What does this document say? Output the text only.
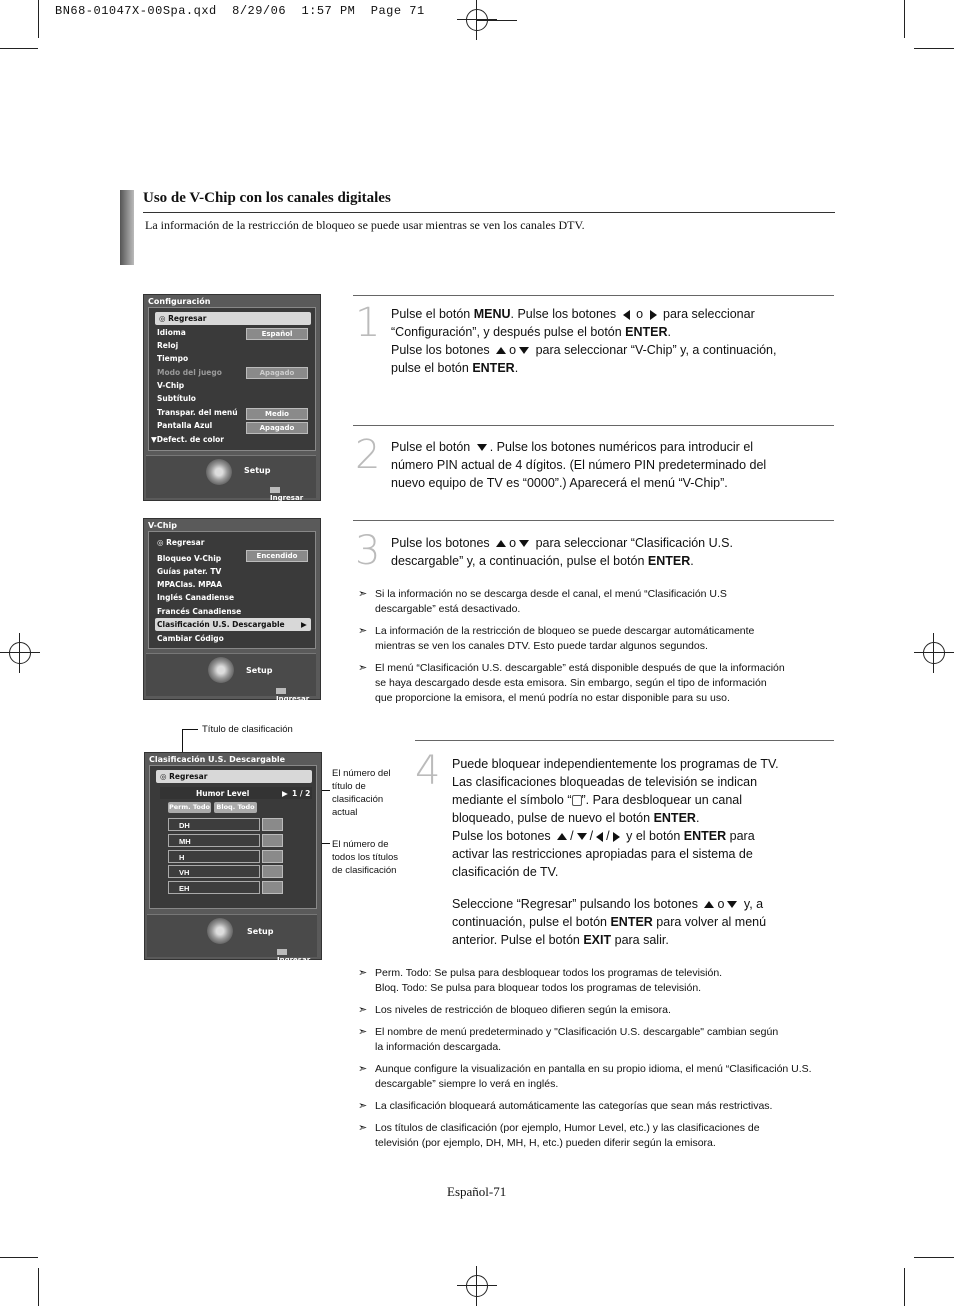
BN68-01047X-00Spa.qxd  8/29/06  1:57 PM  Page 71
Uso de V-Chip con los canales digitales
La información de la restricción de bloqueo se puede usar mientras se ven los canales DTV.
Configuración
◎ Regresar
Idioma
Reloj
Tiempo
Modo del juego
V-Chip
Subtítulo
Transpar. del menú
Pantalla Azul
▼Defect. de color
Español
Apagado
Medio
Apagado
Setup
Ingresar
V-Chip
◎ Regresar
Bloqueo V-Chip
Guías pater. TV
MPAClas. MPAA
Inglés Canadiense
Francés Canadiense
Clasificación U.S. Descargable ▶
Cambiar Código
Encendido
Setup
Ingresar
Título de clasificación
El número del
título de
clasificación
actual
El número de
todos los títulos
de clasificación
Clasificación U.S. Descargable
◎ Regresar
Humor Level	▶ 1 / 2
Perm. Todo Bloq. Todo
Setup
Ingresar
DH
MH
H
VH
EH
1 Pulse el botón MENU. Pulse los botones o para seleccionar
“Configuración”, y después pulse el botón ENTER.
Pulse los botones o para seleccionar “V-Chip” y, a continuación,
pulse el botón ENTER.
2 Pulse el botón . Pulse los botones numéricos para introducir el
número PIN actual de 4 dígitos. (El número PIN predeterminado del
nuevo equipo de TV es “0000”.) Aparecerá el menú “V-Chip”.
3 Pulse los botones o para seleccionar “Clasificación U.S.
descargable” y, a continuación, pulse el botón ENTER.
➣ Si la información no se descarga desde el canal, el menú “Clasificación U.S
descargable” está desactivado.
➣ La información de la restricción de bloqueo se puede descargar automáticamente
mientras se ven los canales DTV. Esto puede tardar algunos segundos.
➣ El menú “Clasificación U.S. descargable” está disponible después de que la información
se haya descargado desde esta emisora. Sin embargo, según el tipo de información
que proporcione la emisora, el menú podría no estar disponible para su uso.
4 Puede bloquear independientemente los programas de TV.
Las clasificaciones bloqueadas de televisión se indican
mediante el símbolo “ ”. Para desbloquear un canal
bloqueado, pulse de nuevo el botón ENTER.
Pulse los botones / / / y el botón ENTER para
activar las restricciones apropiadas para el sistema de
clasificación de TV.
Seleccione “Regresar” pulsando los botones o y, a
continuación, pulse el botón ENTER para volver al menú
anterior. Pulse el botón EXIT para salir.
➣ Perm. Todo: Se pulsa para desbloquear todos los programas de televisión.
Bloq. Todo: Se pulsa para bloquear todos los programas de televisión.
➣ Los niveles de restricción de bloqueo difieren según la emisora.
➣ El nombre de menú predeterminado y "Clasificación U.S. descargable" cambian según
la información descargada.
➣ Aunque configure la visualización en pantalla en su propio idioma, el menú “Clasificación U.S.
descargable” siempre lo verá en inglés.
➣ La clasificación bloqueará automáticamente las categorías que sean más restrictivas.
➣ Los títulos de clasificación (por ejemplo, Humor Level, etc.) y las clasificaciones de
televisión (por ejemplo, DH, MH, H, etc.) pueden diferir según la emisora.
Español-71
